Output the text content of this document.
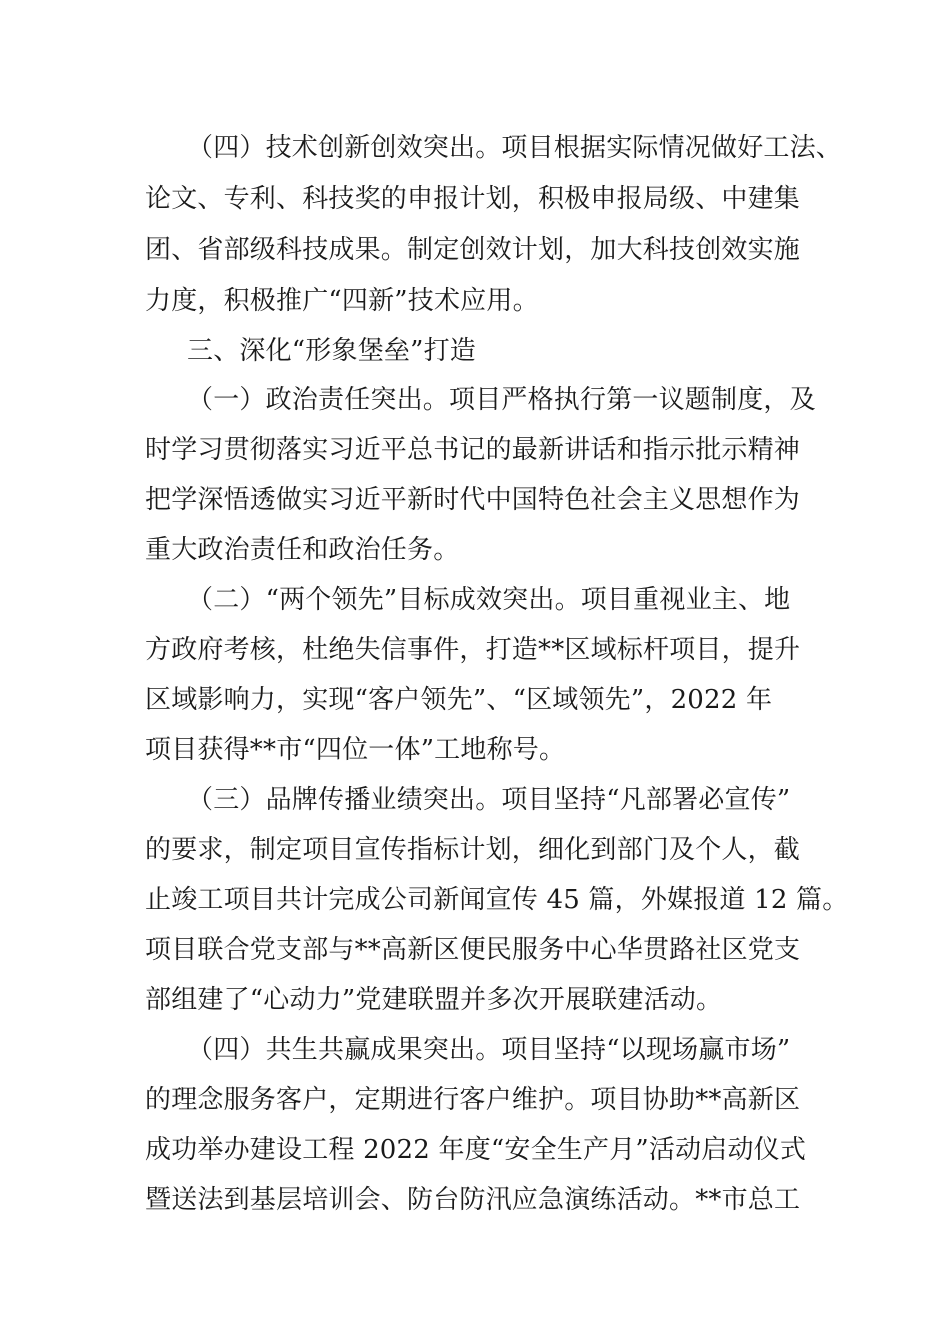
（四）技术创新创效突出。项目根据实际情况做好工法、
论文、专利、科技奖的申报计划，积极申报局级、中建集
团、省部级科技成果。制定创效计划，加大科技创效实施
力度，积极推广“四新”技术应用。
三、深化“形象堡垒”打造
（一）政治责任突出。项目严格执行第一议题制度，及
时学习贯彻落实习近平总书记的最新讲话和指示批示精神
把学深悟透做实习近平新时代中国特色社会主义思想作为
重大政治责任和政治任务。
（二）“两个领先”目标成效突出。项目重视业主、地
方政府考核，杜绝失信事件，打造**区域标杆项目，提升
区域影响力，实现“客户领先”、“区域领先”，2022 年
项目获得**市“四位一体”工地称号。
（三）品牌传播业绩突出。项目坚持“凡部署必宣传”
的要求，制定项目宣传指标计划，细化到部门及个人，截
止竣工项目共计完成公司新闻宣传 45 篇，外媒报道 12 篇。
项目联合党支部与**高新区便民服务中心华贯路社区党支
部组建了“心动力”党建联盟并多次开展联建活动。
（四）共生共赢成果突出。项目坚持“以现场赢市场”
的理念服务客户，定期进行客户维护。项目协助**高新区
成功举办建设工程 2022 年度“安全生产月”活动启动仪式
暨送法到基层培训会、防台防汛应急演练活动。**市总工
